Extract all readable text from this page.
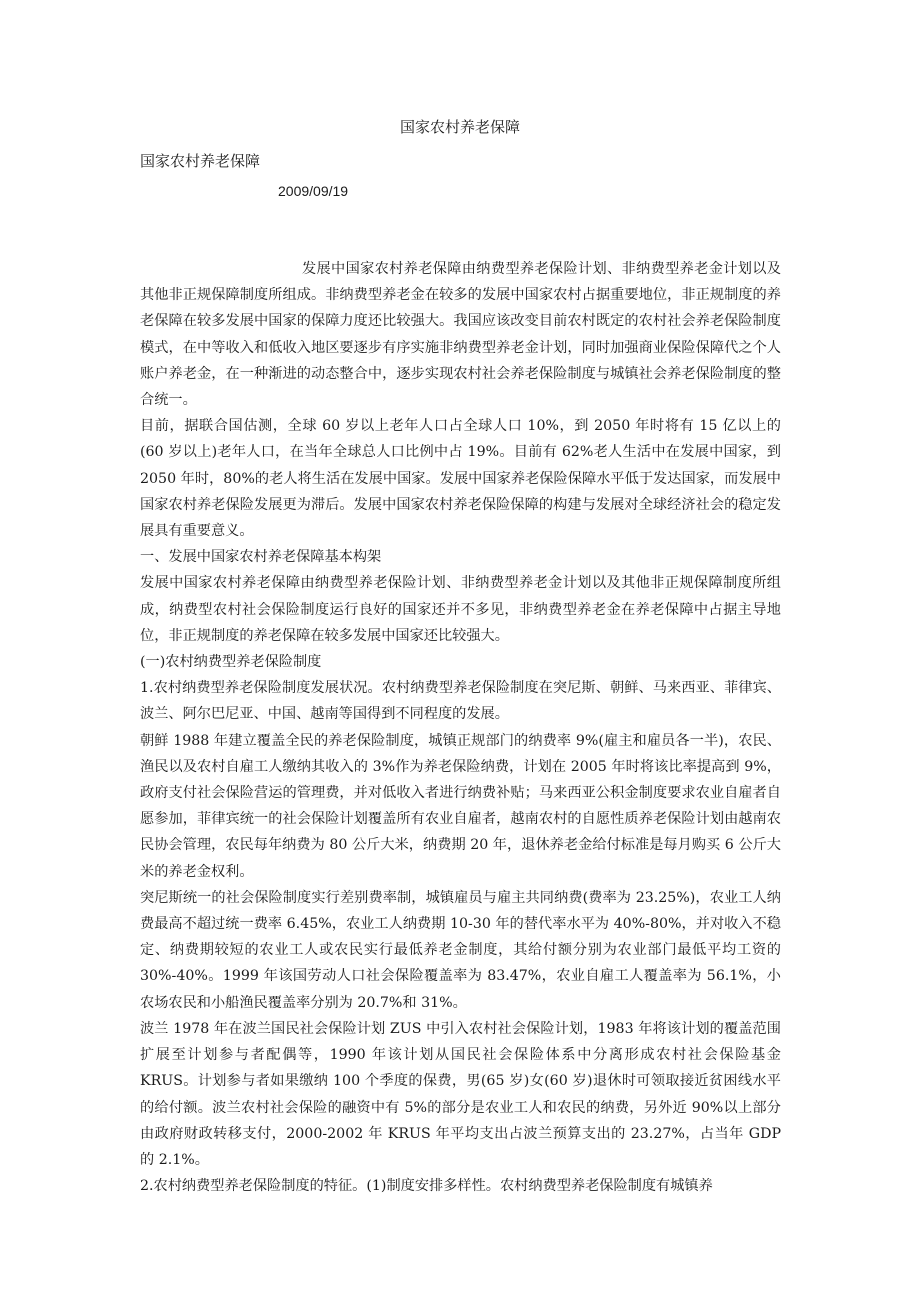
国家农村养老保障
国家农村养老保障
2009/09/19

发展中国家农村养老保障由纳费型养老保险计划、非纳费型养老金计划以及其他非正规保障制度所组成。非纳费型养老金在较多的发展中国家农村占据重要地位，非正规制度的养老保障在较多发展中国家的保障力度还比较强大。我国应该改变目前农村既定的农村社会养老保险制度模式，在中等收入和低收入地区要逐步有序实施非纳费型养老金计划，同时加强商业保险保障代之个人账户养老金，在一种渐进的动态整合中，逐步实现农村社会养老保险制度与城镇社会养老保险制度的整合统一。

目前，据联合国估测，全球 60 岁以上老年人口占全球人口 10%，到 2050 年时将有 15 亿以上的(60 岁以上)老年人口，在当年全球总人口比例中占 19%。目前有 62%老人生活中在发展中国家，到 2050 年时，80%的老人将生活在发展中国家。发展中国家养老保险保障水平低于发达国家，而发展中国家农村养老保险发展更为滞后。发展中国家农村养老保险保障的构建与发展对全球经济社会的稳定发展具有重要意义。

一、发展中国家农村养老保障基本构架

发展中国家农村养老保障由纳费型养老保险计划、非纳费型养老金计划以及其他非正规保障制度所组成，纳费型农村社会保险制度运行良好的国家还并不多见，非纳费型养老金在养老保障中占据主导地位，非正规制度的养老保障在较多发展中国家还比较强大。

(一)农村纳费型养老保险制度

1.农村纳费型养老保险制度发展状况。农村纳费型养老保险制度在突尼斯、朝鲜、马来西亚、菲律宾、波兰、阿尔巴尼亚、中国、越南等国得到不同程度的发展。

朝鲜 1988 年建立覆盖全民的养老保险制度，城镇正规部门的纳费率 9%(雇主和雇员各一半)，农民、渔民以及农村自雇工人缴纳其收入的 3%作为养老保险纳费，计划在 2005 年时将该比率提高到 9%，政府支付社会保险营运的管理费，并对低收入者进行纳费补贴；马来西亚公积金制度要求农业自雇者自愿参加，菲律宾统一的社会保险计划覆盖所有农业自雇者，越南农村的自愿性质养老保险计划由越南农民协会管理，农民每年纳费为 80 公斤大米，纳费期 20 年，退休养老金给付标准是每月购买 6 公斤大米的养老金权利。

突尼斯统一的社会保险制度实行差别费率制，城镇雇员与雇主共同纳费(费率为 23.25%)，农业工人纳费最高不超过统一费率 6.45%，农业工人纳费期 10-30 年的替代率水平为 40%-80%，并对收入不稳定、纳费期较短的农业工人或农民实行最低养老金制度，其给付额分别为农业部门最低平均工资的 30%-40%。1999 年该国劳动人口社会保险覆盖率为 83.47%，农业自雇工人覆盖率为 56.1%，小农场农民和小船渔民覆盖率分别为 20.7%和 31%。

波兰 1978 年在波兰国民社会保险计划 ZUS 中引入农村社会保险计划，1983 年将该计划的覆盖范围扩展至计划参与者配偶等，1990 年该计划从国民社会保险体系中分离形成农村社会保险基金 KRUS。计划参与者如果缴纳 100 个季度的保费，男(65 岁)女(60 岁)退休时可领取接近贫困线水平的给付额。波兰农村社会保险的融资中有 5%的部分是农业工人和农民的纳费，另外近 90%以上部分由政府财政转移支付，2000-2002 年 KRUS 年平均支出占波兰预算支出的 23.27%，占当年 GDP 的 2.1%。

2.农村纳费型养老保险制度的特征。(1)制度安排多样性。农村纳费型养老保险制度有城镇养
